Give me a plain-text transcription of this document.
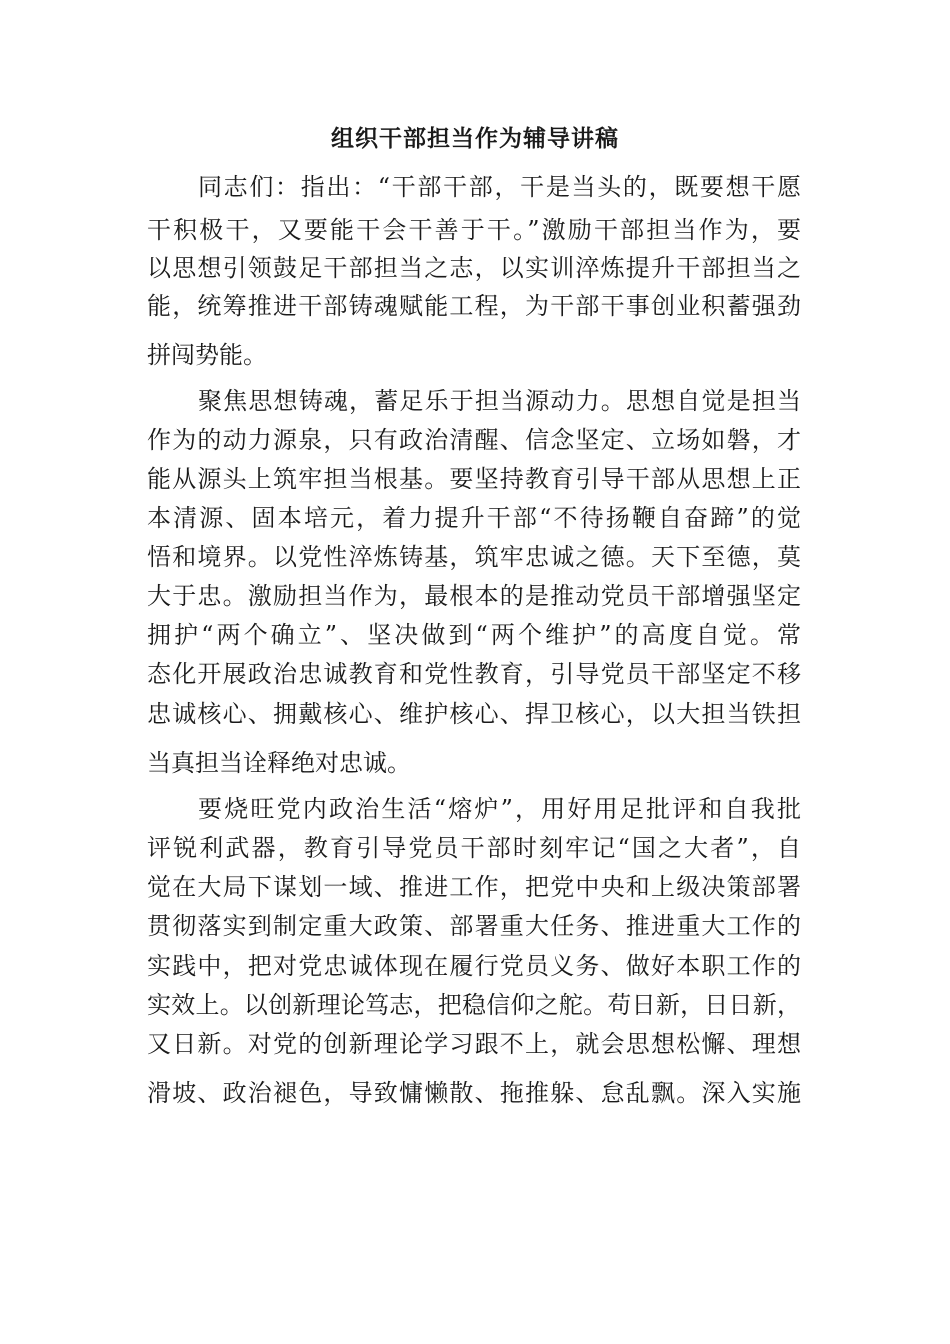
组织干部担当作为辅导讲稿
同志们：指出：“干部干部，干是当头的，既要想干愿
干积极干，又要能干会干善于干。”激励干部担当作为，要
以思想引领鼓足干部担当之志，以实训淬炼提升干部担当之
能，统筹推进干部铸魂赋能工程，为干部干事创业积蓄强劲
拼闯势能。
聚焦思想铸魂，蓄足乐于担当源动力。思想自觉是担当
作为的动力源泉，只有政治清醒、信念坚定、立场如磐，才
能从源头上筑牢担当根基。要坚持教育引导干部从思想上正
本清源、固本培元，着力提升干部“不待扬鞭自奋蹄”的觉
悟和境界。以党性淬炼铸基，筑牢忠诚之德。天下至德，莫
大于忠。激励担当作为，最根本的是推动党员干部增强坚定
拥护“两个确立”、坚决做到“两个维护”的高度自觉。常
态化开展政治忠诚教育和党性教育，引导党员干部坚定不移
忠诚核心、拥戴核心、维护核心、捍卫核心，以大担当铁担
当真担当诠释绝对忠诚。
要烧旺党内政治生活“熔炉”，用好用足批评和自我批
评锐利武器，教育引导党员干部时刻牢记“国之大者”，自
觉在大局下谋划一域、推进工作，把党中央和上级决策部署
贯彻落实到制定重大政策、部署重大任务、推进重大工作的
实践中，把对党忠诚体现在履行党员义务、做好本职工作的
实效上。以创新理论笃志，把稳信仰之舵。苟日新，日日新，
又日新。对党的创新理论学习跟不上，就会思想松懈、理想
滑坡、政治褪色，导致慵懒散、拖推躲、怠乱飘。深入实施
